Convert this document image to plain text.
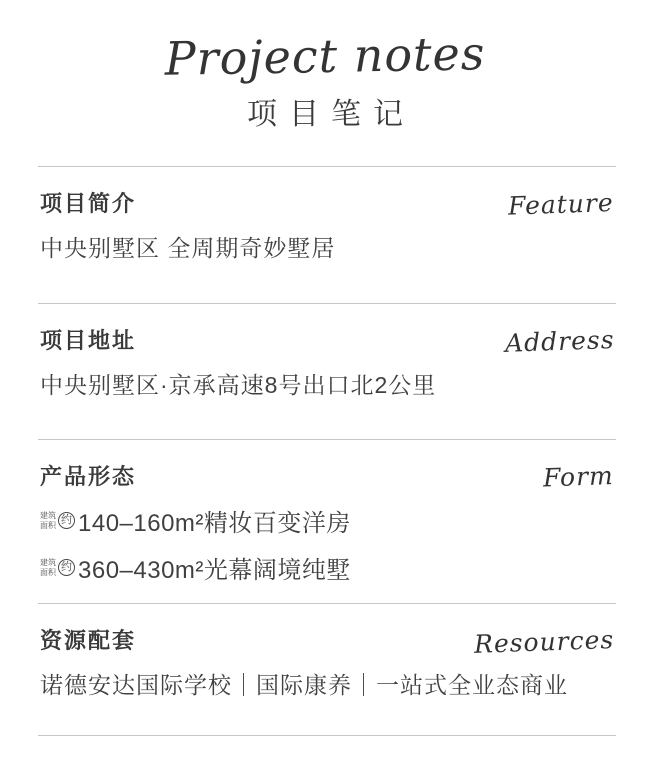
Project notes
项目笔记
项目简介	Feature
中央别墅区 全周期奇妙墅居
项目地址	Address
中央别墅区·京承高速8号出口北2公里
产品形态	Form
建筑
面积 约 140–160m²精妆百变洋房
建筑
面积 约 360–430m²光幕阔境纯墅
资源配套	Resources
诺德安达国际学校｜国际康养｜一站式全业态商业
